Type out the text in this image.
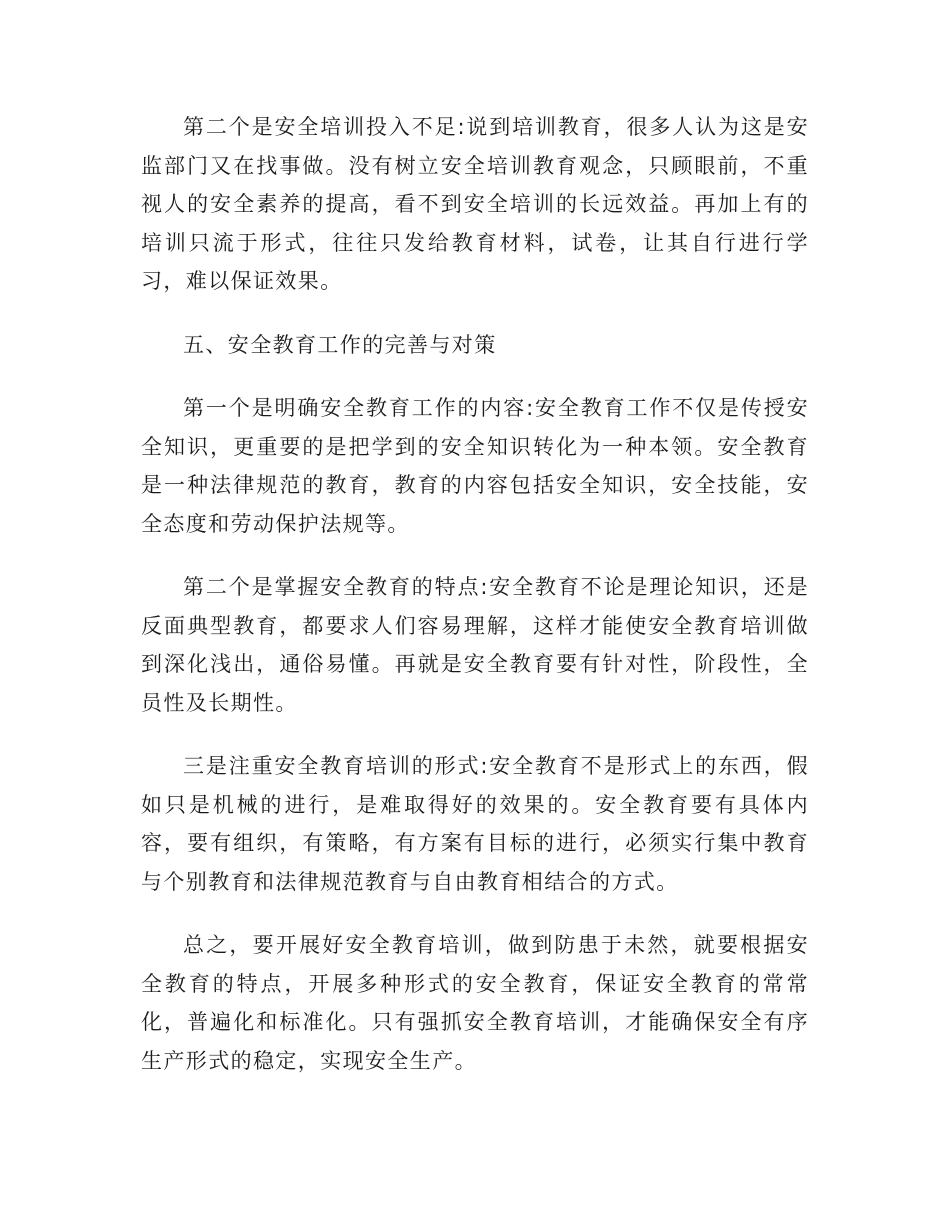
第二个是安全培训投入不足:说到培训教育，很多人认为这是安监部门又在找事做。没有树立安全培训教育观念，只顾眼前，不重视人的安全素养的提高，看不到安全培训的长远效益。再加上有的培训只流于形式，往往只发给教育材料，试卷，让其自行进行学习，难以保证效果。

五、安全教育工作的完善与对策

第一个是明确安全教育工作的内容:安全教育工作不仅是传授安全知识，更重要的是把学到的安全知识转化为一种本领。安全教育是一种法律规范的教育，教育的内容包括安全知识，安全技能，安全态度和劳动保护法规等。

第二个是掌握安全教育的特点:安全教育不论是理论知识，还是反面典型教育，都要求人们容易理解，这样才能使安全教育培训做到深化浅出，通俗易懂。再就是安全教育要有针对性，阶段性，全员性及长期性。

三是注重安全教育培训的形式:安全教育不是形式上的东西，假如只是机械的进行，是难取得好的效果的。安全教育要有具体内容，要有组织，有策略，有方案有目标的进行，必须实行集中教育与个别教育和法律规范教育与自由教育相结合的方式。

总之，要开展好安全教育培训，做到防患于未然，就要根据安全教育的特点，开展多种形式的安全教育，保证安全教育的常常化，普遍化和标准化。只有强抓安全教育培训，才能确保安全有序生产形式的稳定，实现安全生产。
